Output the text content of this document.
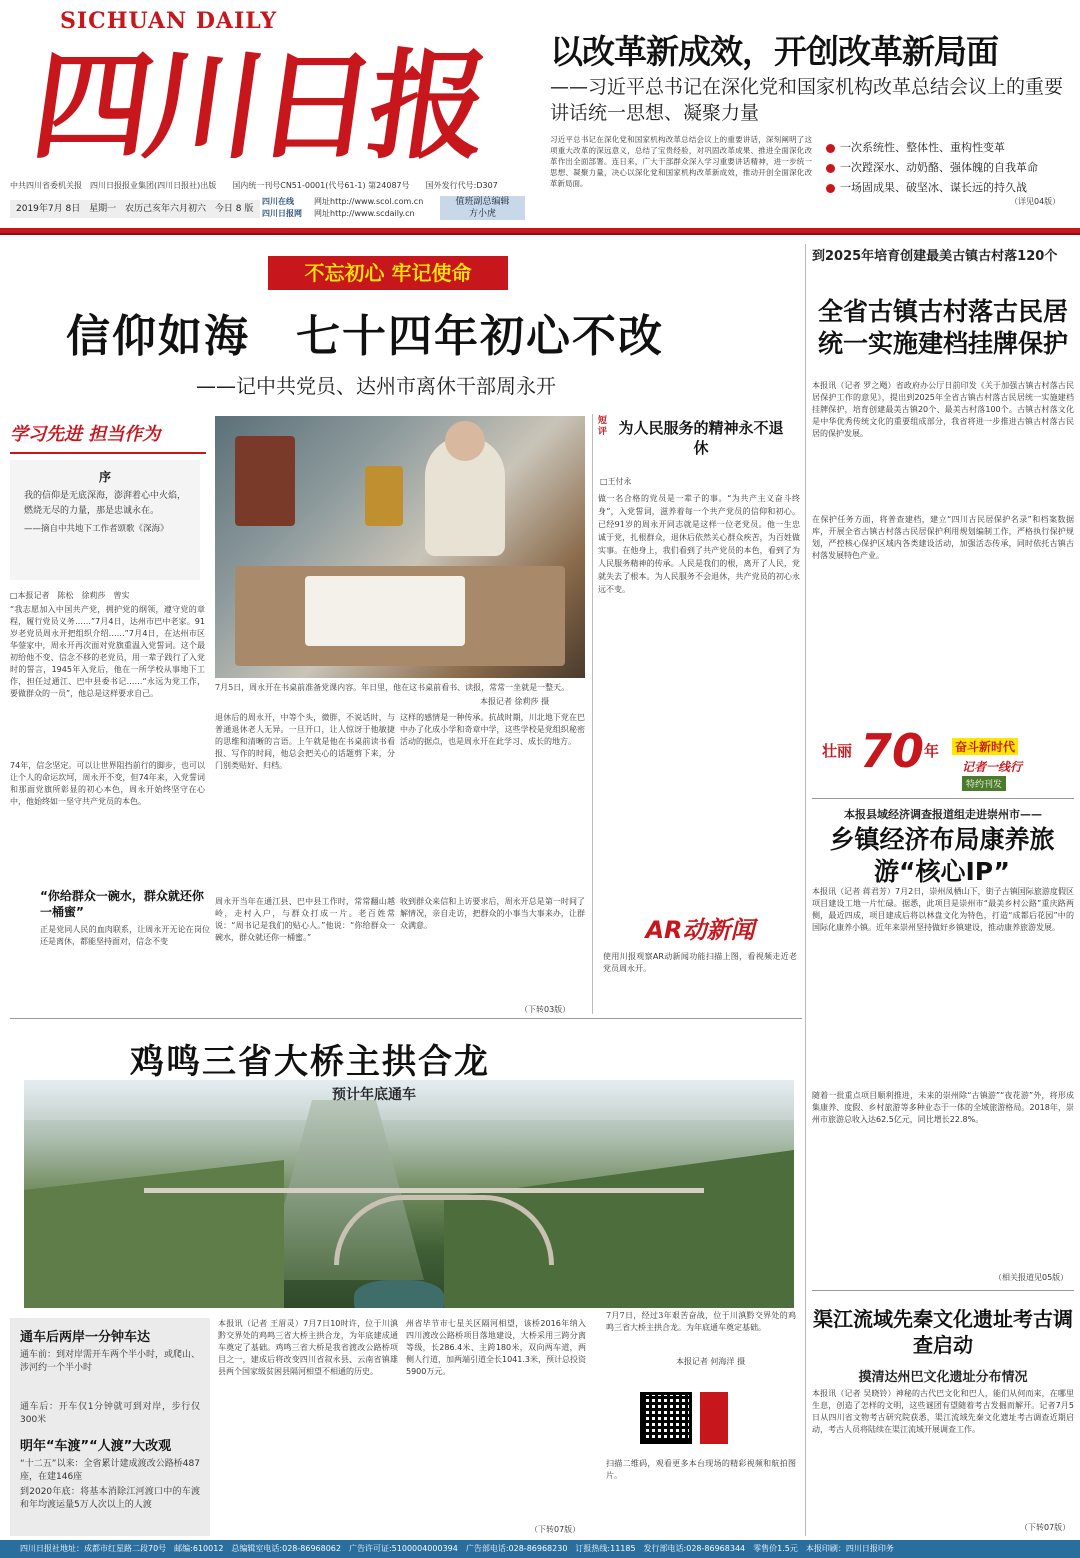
SICHUAN DAILY
四川日报 以改革新成效，开创改革新局面
——习近平总书记在深化党和国家机构改革总结会议上的重要讲话统一思想、凝聚力量
习近平总书记在深化党和国家机构改革总结会议上的重要讲话，深刻阐明了这项重大改革的深远意义，总结了宝贵经验，对巩固改革成果、推进全面深化改革作出全面部署。连日来，广大干部群众深入学习重要讲话精神，进一步统一思想、凝聚力量，决心以深化党和国家机构改革新成效，推动开创全面深化改革新局面。
一次系统性、整体性、重构性变革
一次蹚深水、动奶酪、强体魄的自我革命
一场固成果、破坚冰、谋长远的持久战
（详见04版）
中共四川省委机关报　四川日报报业集团(四川日报社)出版　　国内统一刊号CN51-0001(代号61-1) 第24087号　　国外发行代号:D307
2019年7月 8日 星期一 农历己亥年六月初六 今日 8 版
四川在线
四川日报网
网址http://www.scol.com.cn
网址http://www.scdaily.cn
值班副总编辑
方小虎
不忘初心 牢记使命
信仰如海　七十四年初心不改
——记中共党员、达州市离休干部周永开
学习先进 担当作为
序
我的信仰是无底深海，澎湃着心中火焰，燃烧无尽的力量，那是忠诚永在。
——摘自中共地下工作者颂歌《深海》
□本报记者　陈松　徐莉莎　曾实
“我志愿加入中国共产党，拥护党的纲领，遵守党的章程，履行党员义务……”7月4日，达州市巴中老家。91岁老党员周永开把组织介绍……”7月4日，在达州市区华蓥家中，周永开再次面对党旗重温入党誓词。这个最初给他不变、信念不移的老党员，用一辈子践行了入党时的誓言，1945年入党后，他在一所学校从事地下工作，担任过通江、巴中县委书记……“永远为党工作，要做群众的一员”，他总是这样要求自己。
“你给群众一碗水，群众就还你一桶蜜”
正是党同人民的血肉联系，让周永开无论在岗位还是离休，都能坚持面对，信念不变
74年，信念坚定。可以让世界阻挡前行的脚步，也可以让个人的命运坎坷，周永开不变，但74年来，入党誓词和那面党旗所彰显的初心本色，周永开始终坚守在心中，他始终如一坚守共产党员的本色。
7月5日，周永开在书桌前准备党课内容。年日里，他在这书桌前看书、读报，常常一坐就是一整天。
本报记者 徐莉莎 摄
退休后的周永开，中等个头，微胖，不说话时，与普通退休老人无异。一旦开口，让人惊讶于他敏捷的思维和清晰的言语。上午就是他在书桌前读书看报、写作的时间，他总会把关心的话题剪下来，分门别类贴好、归档。
周永开当年在通江县、巴中县工作时，常常翻山越岭，走村入户，与群众打成一片。老百姓常说：“周书记是我们的贴心人。”他说：“你给群众一碗水，群众就还你一桶蜜。”
这样的感情是一种传承。抗战时期，川北地下党在巴中办了化成小学和奇章中学，这些学校是党组织秘密活动的据点，也是周永开在此学习、成长的地方。
收到群众来信和上访要求后，周永开总是第一时间了解情况，亲自走访，把群众的小事当大事来办，让群众满意。
（下转03版）
短评 为人民服务的精神永不退休
□王付永
做一名合格的党员是一辈子的事。“为共产主义奋斗终身”，入党誓词，滋养着每一个共产党员的信仰和初心。已经91岁的周永开同志就是这样一位老党员。他一生忠诚于党，扎根群众，退休后依然关心群众疾苦，为百姓做实事。在他身上，我们看到了共产党员的本色，看到了为人民服务精神的传承。人民是我们的根，离开了人民，党就失去了根本。为人民服务不会退休，共产党员的初心永远不变。
AR动新闻
使用川报观察AR动新闻功能扫描上图，看视频走近老党员周永开。
鸡鸣三省大桥主拱合龙
预计年底通车
通车后两岸一分钟车达
通车前：到对岸需开车两个半小时，或爬山、涉河约一个半小时
通车后：开车仅1分钟就可到对岸，步行仅300米
明年“车渡”“人渡”大改观
“十二五”以来：全省累计建成渡改公路桥487座，在建146座
到2020年底：将基本消除江河渡口中的车渡和年均渡运量5万人次以上的人渡
本报讯（记者 王眉灵）7月7日10时许，位于川滇黔交界处的鸡鸣三省大桥主拱合龙，为年底建成通车奠定了基础。鸡鸣三省大桥是我省渡改公路桥项目之一，建成后将改变四川省叙永县、云南省镇雄县两个国家级贫困县隔河相望不相通的历史。
州省毕节市七星关区隔河相望，该桥2016年纳入四川渡改公路桥项目落地建设，大桥采用三跨分离等级，长286.4米、主跨180米，双向两车道，两侧人行道，加两端引道全长1041.3米，预计总投资5900万元。
（下转07版）
7月7日，经过3年艰苦奋战，位于川滇黔交界处的鸡鸣三省大桥主拱合龙。为年底通车奠定基础。
本报记者 何海洋 摄
扫描二维码，观看更多本台现场的精彩视频和航拍图片。
到2025年培育创建最美古镇古村落120个
全省古镇古村落古民居统一实施建档挂牌保护
本报讯（记者 罗之飏）省政府办公厅日前印发《关于加强古镇古村落古民居保护工作的意见》，提出到2025年全省古镇古村落古民居统一实施建档挂牌保护，培育创建最美古镇20个、最美古村落100个。古镇古村落文化是中华优秀传统文化的重要组成部分，我省将进一步推进古镇古村落古民居的保护发展。
在保护任务方面，将普查建档，建立“四川古民居保护名录”和档案数据库，开展全省古镇古村落古民居保护利用规划编制工作，严格执行保护规划，严控核心保护区域内各类建设活动，加强活态传承，同时依托古镇古村落发展特色产业。
壮丽 70 年 奋斗新时代
记者一线行
特约刊发
本报县域经济调查报道组走进崇州市——
乡镇经济布局康养旅游“核心IP”
本报讯（记者 蒋君芳）7月2日，崇州凤栖山下，街子古镇国际旅游度假区项目建设工地一片忙碌。据悉，此项目是崇州市“最美乡村公路”重庆路两侧，最近四成，项目建成后将以林盘文化为特色，打造“成都后花园”中的国际化康养小镇。近年来崇州坚持做好乡镇建设，推动康养旅游发展。
随着一批重点项目顺利推进，未来的崇州除“古镇游”“夜花游”外，将形成集康养、度假、乡村旅游等多种业态于一体的全域旅游格局。2018年，崇州市旅游总收入达62.5亿元，同比增长22.8%。
（相关报道见05版）
渠江流域先秦文化遗址考古调查启动
摸清达州巴文化遗址分布情况
本报讯（记者 吴晓铃）神秘的古代巴文化和巴人，能们从何而来，在哪里生息，创造了怎样的文明，这些谜团有望随着考古发掘而解开。记者7月5日从四川省文物考古研究院获悉，渠江流域先秦文化遗址考古调查近期启动，考古人员将陆续在渠江流域开展调查工作。
（下转07版）
四川日报社地址：成都市红星路二段70号　邮编:610012　总编辑室电话:028-86968062　广告许可证:5100004000394　广告部电话:028-86968230　订报热线:11185　发行部电话:028-86968344　零售价1.5元　本报印刷：四川日报印务
